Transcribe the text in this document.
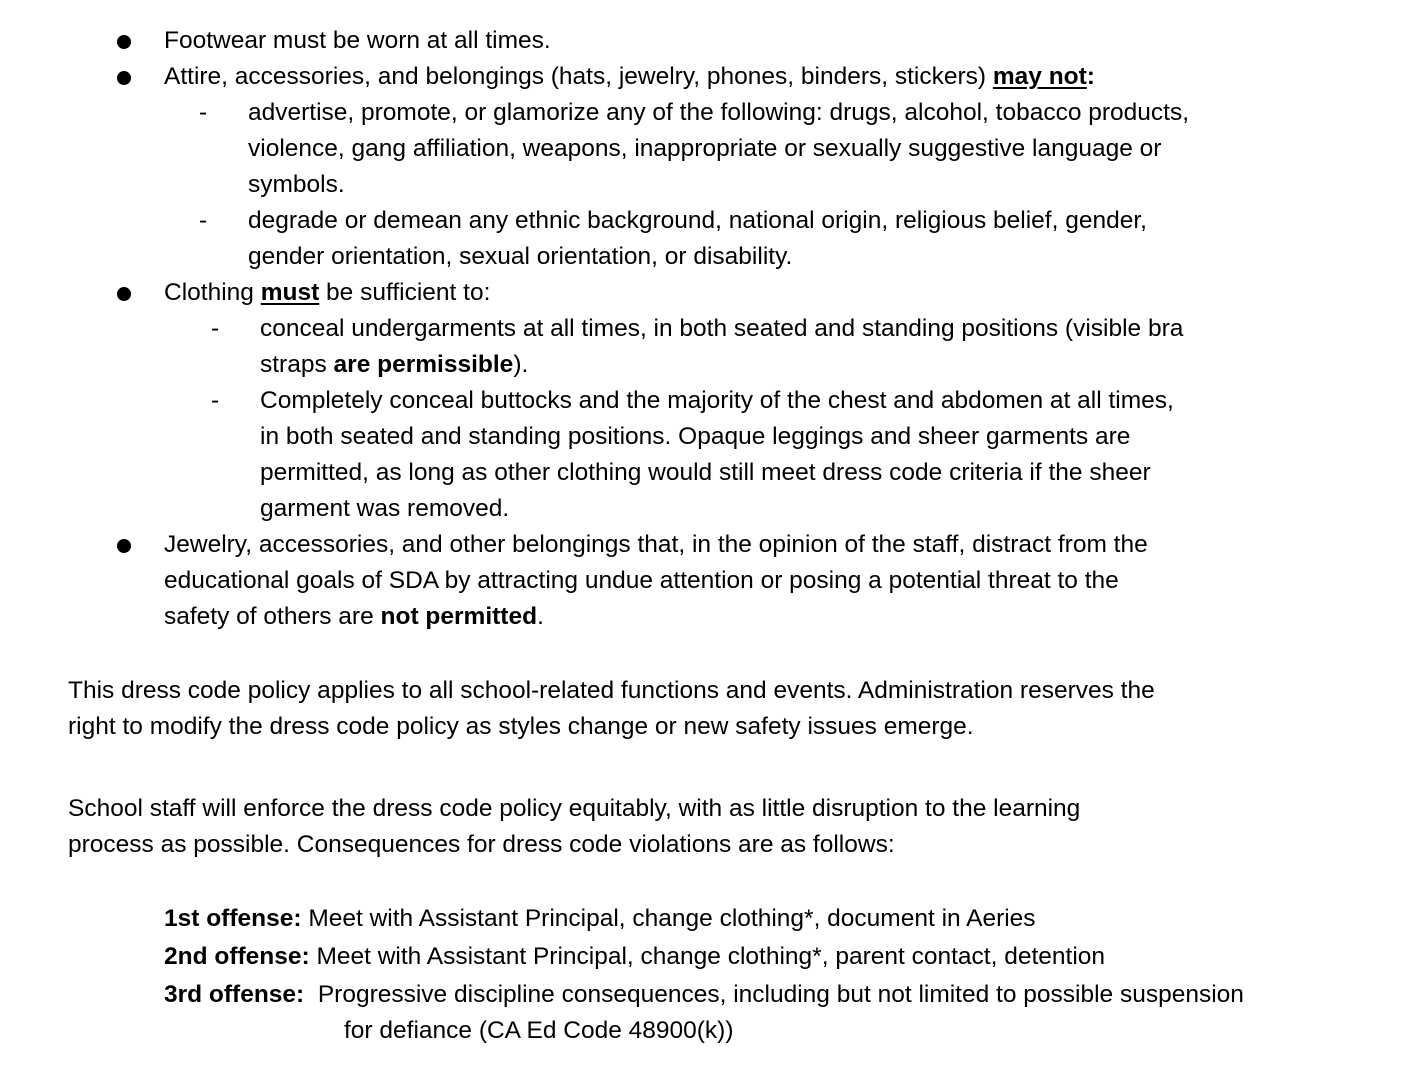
Footwear must be worn at all times.
Attire, accessories, and belongings (hats, jewelry, phones, binders, stickers) may not:
- advertise, promote, or glamorize any of the following: drugs, alcohol, tobacco products,
violence, gang affiliation, weapons, inappropriate or sexually suggestive language or
symbols.
- degrade or demean any ethnic background, national origin, religious belief, gender,
gender orientation, sexual orientation, or disability.
Clothing must be sufficient to:
- conceal undergarments at all times, in both seated and standing positions (visible bra
straps are permissible).
- Completely conceal buttocks and the majority of the chest and abdomen at all times,
in both seated and standing positions. Opaque leggings and sheer garments are
permitted, as long as other clothing would still meet dress code criteria if the sheer
garment was removed.
Jewelry, accessories, and other belongings that, in the opinion of the staff, distract from the
educational goals of SDA by attracting undue attention or posing a potential threat to the
safety of others are not permitted.
This dress code policy applies to all school-related functions and events. Administration reserves the
right to modify the dress code policy as styles change or new safety issues emerge.
School staff will enforce the dress code policy equitably, with as little disruption to the learning
process as possible. Consequences for dress code violations are as follows:
1st offense: Meet with Assistant Principal, change clothing*, document in Aeries
2nd offense: Meet with Assistant Principal, change clothing*, parent contact, detention
3rd offense:  Progressive discipline consequences, including but not limited to possible suspension
for defiance (CA Ed Code 48900(k))
